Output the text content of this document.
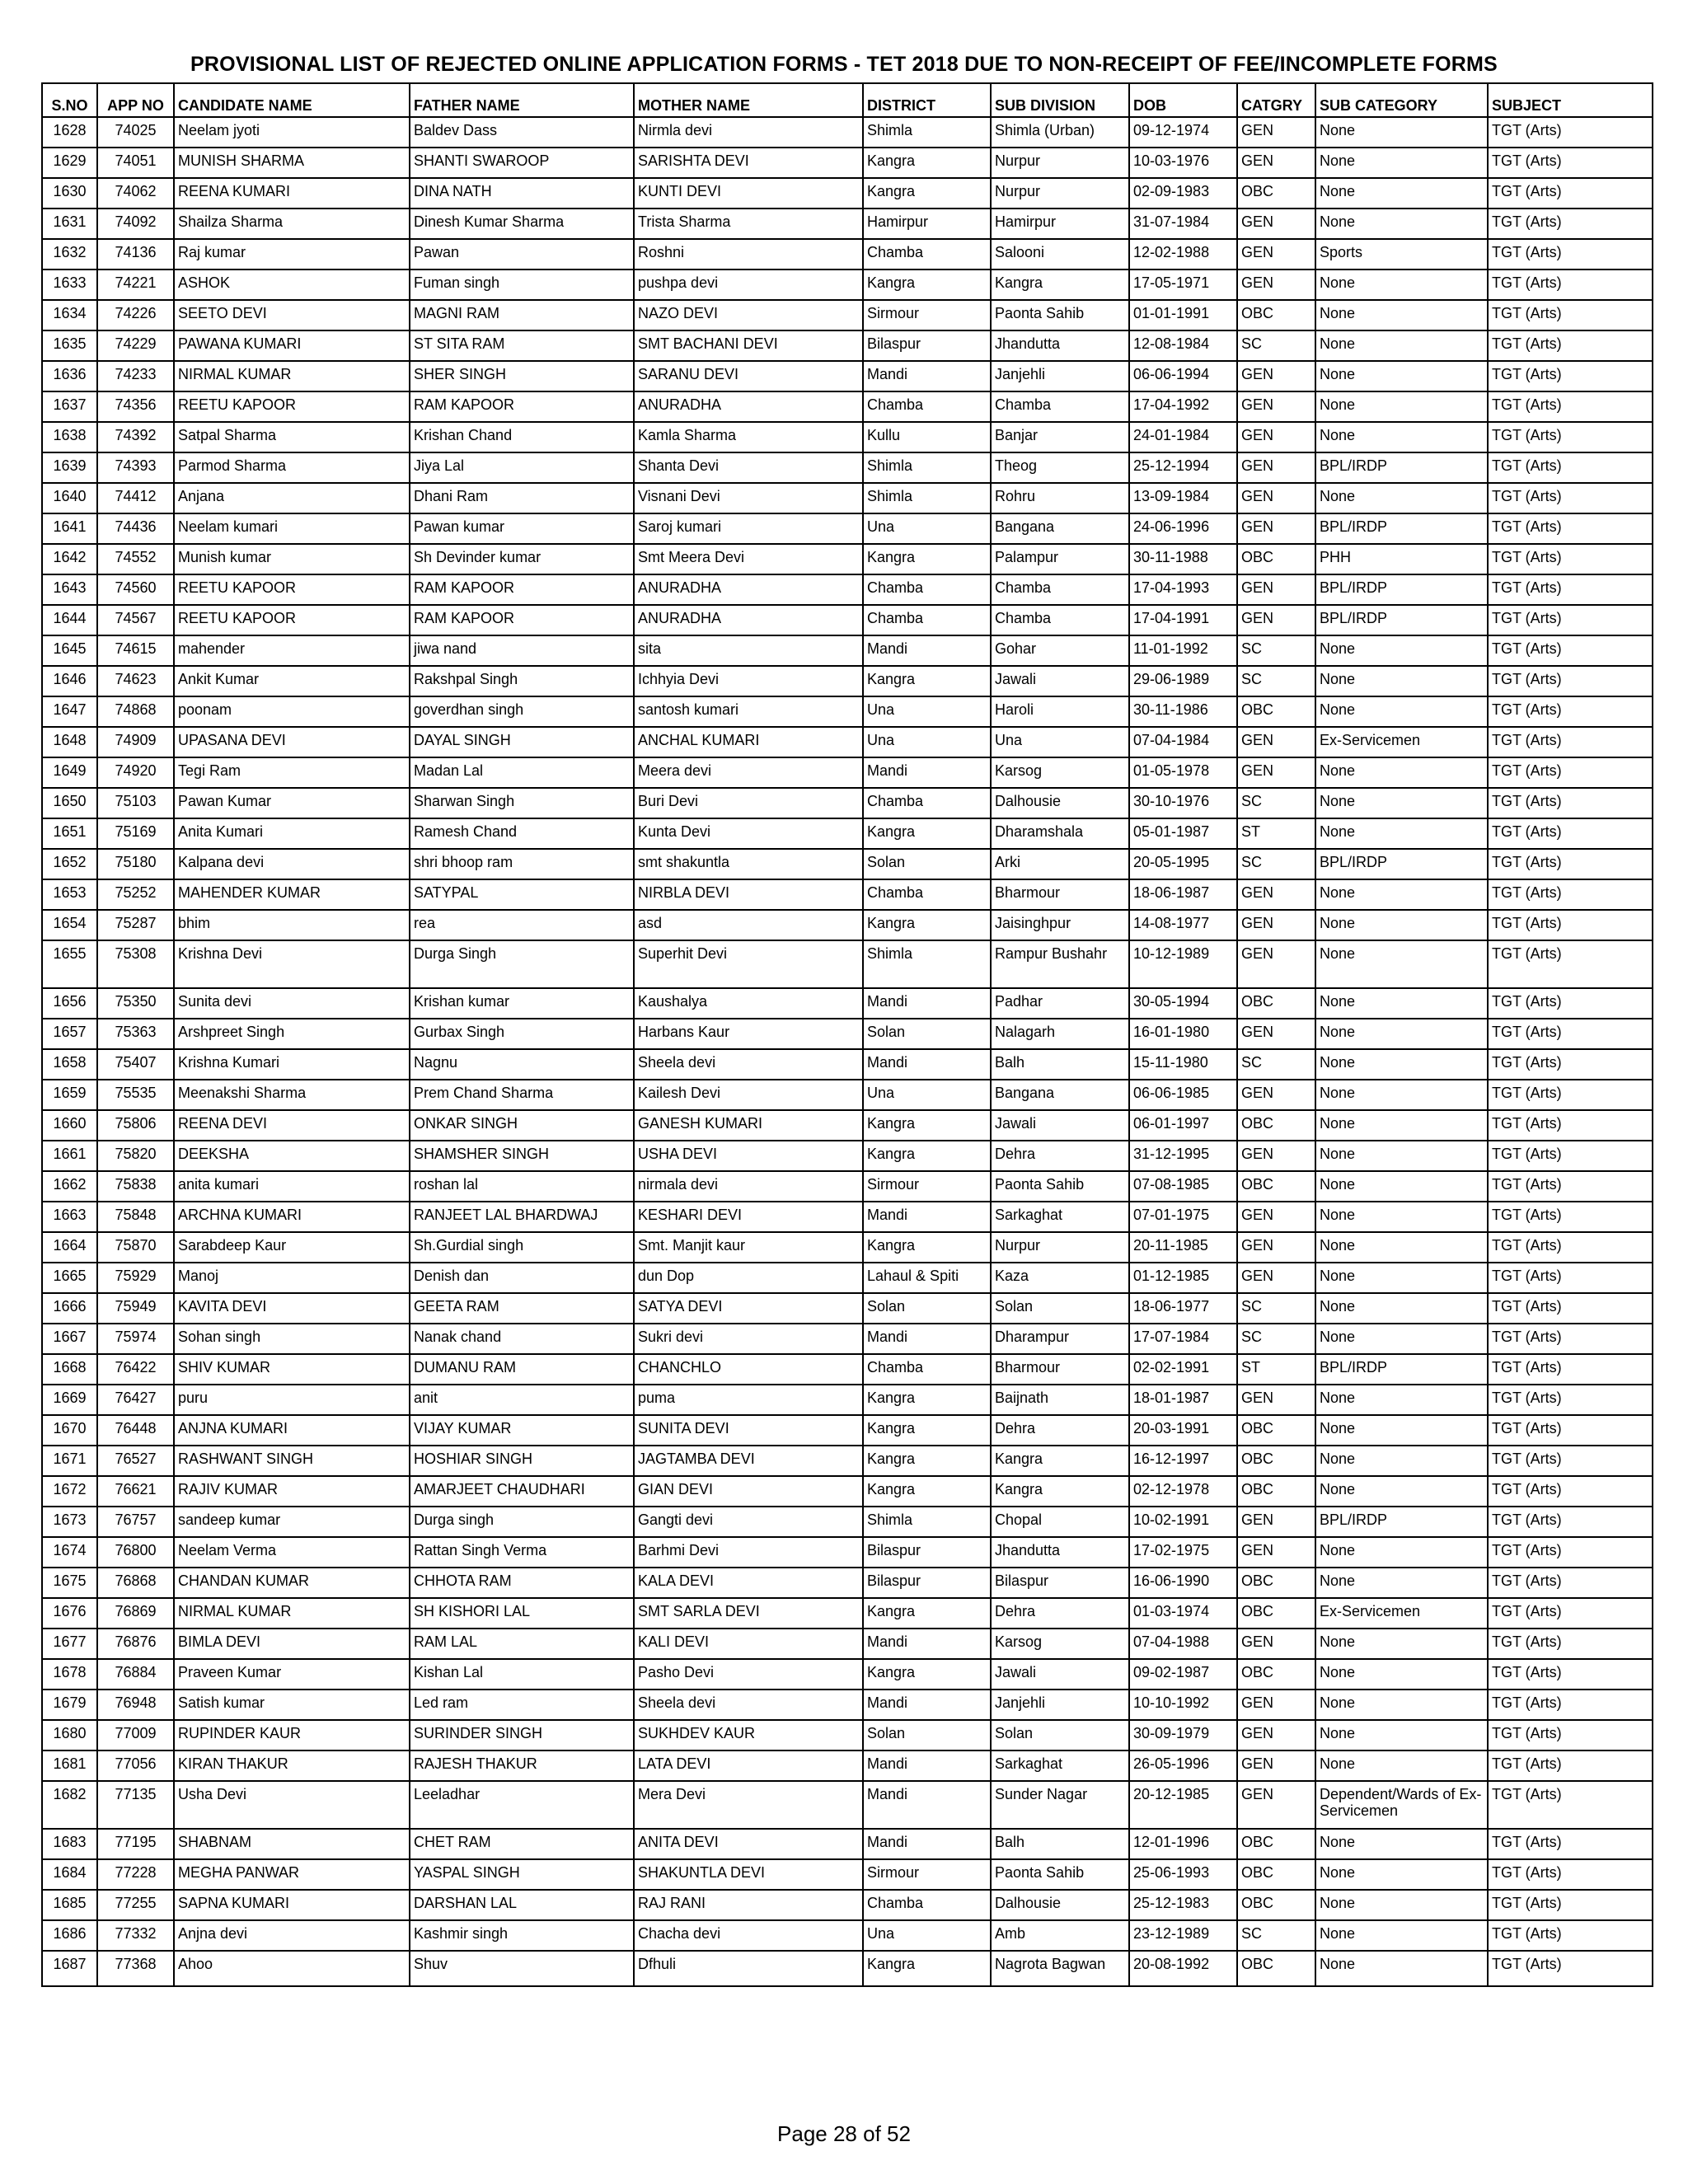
PROVISIONAL LIST OF REJECTED ONLINE APPLICATION FORMS - TET 2018 DUE TO NON-RECEIPT OF FEE/INCOMPLETE FORMS
S.NO	APP NO	CANDIDATE NAME	FATHER NAME	MOTHER NAME	DISTRICT	SUB DIVISION	DOB	CATGRY	SUB CATEGORY	SUBJECT
1628	74025	Neelam jyoti	Baldev Dass	Nirmla devi	Shimla	Shimla (Urban)	09-12-1974	GEN	None	TGT (Arts)
1629	74051	MUNISH SHARMA	SHANTI SWAROOP	SARISHTA DEVI	Kangra	Nurpur	10-03-1976	GEN	None	TGT (Arts)
1630	74062	REENA KUMARI	DINA NATH	KUNTI DEVI	Kangra	Nurpur	02-09-1983	OBC	None	TGT (Arts)
1631	74092	Shailza Sharma	Dinesh Kumar Sharma	Trista Sharma	Hamirpur	Hamirpur	31-07-1984	GEN	None	TGT (Arts)
1632	74136	Raj kumar	Pawan	Roshni	Chamba	Salooni	12-02-1988	GEN	Sports	TGT (Arts)
1633	74221	ASHOK	Fuman singh	pushpa devi	Kangra	Kangra	17-05-1971	GEN	None	TGT (Arts)
1634	74226	SEETO DEVI	MAGNI RAM	NAZO DEVI	Sirmour	Paonta Sahib	01-01-1991	OBC	None	TGT (Arts)
1635	74229	PAWANA KUMARI	ST SITA RAM	SMT BACHANI DEVI	Bilaspur	Jhandutta	12-08-1984	SC	None	TGT (Arts)
1636	74233	NIRMAL KUMAR	SHER SINGH	SARANU DEVI	Mandi	Janjehli	06-06-1994	GEN	None	TGT (Arts)
1637	74356	REETU KAPOOR	RAM KAPOOR	ANURADHA	Chamba	Chamba	17-04-1992	GEN	None	TGT (Arts)
1638	74392	Satpal Sharma	Krishan Chand	Kamla Sharma	Kullu	Banjar	24-01-1984	GEN	None	TGT (Arts)
1639	74393	Parmod Sharma	Jiya Lal	Shanta Devi	Shimla	Theog	25-12-1994	GEN	BPL/IRDP	TGT (Arts)
1640	74412	Anjana	Dhani Ram	Visnani Devi	Shimla	Rohru	13-09-1984	GEN	None	TGT (Arts)
1641	74436	Neelam kumari	Pawan kumar	Saroj kumari	Una	Bangana	24-06-1996	GEN	BPL/IRDP	TGT (Arts)
1642	74552	Munish kumar	Sh Devinder kumar	Smt Meera Devi	Kangra	Palampur	30-11-1988	OBC	PHH	TGT (Arts)
1643	74560	REETU KAPOOR	RAM KAPOOR	ANURADHA	Chamba	Chamba	17-04-1993	GEN	BPL/IRDP	TGT (Arts)
1644	74567	REETU KAPOOR	RAM KAPOOR	ANURADHA	Chamba	Chamba	17-04-1991	GEN	BPL/IRDP	TGT (Arts)
1645	74615	mahender	jiwa nand	sita	Mandi	Gohar	11-01-1992	SC	None	TGT (Arts)
1646	74623	Ankit Kumar	Rakshpal Singh	Ichhyia Devi	Kangra	Jawali	29-06-1989	SC	None	TGT (Arts)
1647	74868	poonam	goverdhan singh	santosh kumari	Una	Haroli	30-11-1986	OBC	None	TGT (Arts)
1648	74909	UPASANA DEVI	DAYAL SINGH	ANCHAL KUMARI	Una	Una	07-04-1984	GEN	Ex-Servicemen	TGT (Arts)
1649	74920	Tegi Ram	Madan Lal	Meera devi	Mandi	Karsog	01-05-1978	GEN	None	TGT (Arts)
1650	75103	Pawan Kumar	Sharwan Singh	Buri Devi	Chamba	Dalhousie	30-10-1976	SC	None	TGT (Arts)
1651	75169	Anita Kumari	Ramesh Chand	Kunta Devi	Kangra	Dharamshala	05-01-1987	ST	None	TGT (Arts)
1652	75180	Kalpana devi	shri bhoop ram	smt shakuntla	Solan	Arki	20-05-1995	SC	BPL/IRDP	TGT (Arts)
1653	75252	MAHENDER KUMAR	SATYPAL	NIRBLA DEVI	Chamba	Bharmour	18-06-1987	GEN	None	TGT (Arts)
1654	75287	bhim	rea	asd	Kangra	Jaisinghpur	14-08-1977	GEN	None	TGT (Arts)
1655	75308	Krishna Devi	Durga Singh	Superhit Devi	Shimla	Rampur Bushahr	10-12-1989	GEN	None	TGT (Arts)
1656	75350	Sunita devi	Krishan kumar	Kaushalya	Mandi	Padhar	30-05-1994	OBC	None	TGT (Arts)
1657	75363	Arshpreet Singh	Gurbax Singh	Harbans Kaur	Solan	Nalagarh	16-01-1980	GEN	None	TGT (Arts)
1658	75407	Krishna Kumari	Nagnu	Sheela devi	Mandi	Balh	15-11-1980	SC	None	TGT (Arts)
1659	75535	Meenakshi Sharma	Prem Chand Sharma	Kailesh Devi	Una	Bangana	06-06-1985	GEN	None	TGT (Arts)
1660	75806	REENA DEVI	ONKAR SINGH	GANESH KUMARI	Kangra	Jawali	06-01-1997	OBC	None	TGT (Arts)
1661	75820	DEEKSHA	SHAMSHER SINGH	USHA DEVI	Kangra	Dehra	31-12-1995	GEN	None	TGT (Arts)
1662	75838	anita kumari	roshan lal	nirmala devi	Sirmour	Paonta Sahib	07-08-1985	OBC	None	TGT (Arts)
1663	75848	ARCHNA KUMARI	RANJEET LAL BHARDWAJ	KESHARI DEVI	Mandi	Sarkaghat	07-01-1975	GEN	None	TGT (Arts)
1664	75870	Sarabdeep Kaur	Sh.Gurdial singh	Smt. Manjit kaur	Kangra	Nurpur	20-11-1985	GEN	None	TGT (Arts)
1665	75929	Manoj	Denish dan	dun Dop	Lahaul & Spiti	Kaza	01-12-1985	GEN	None	TGT (Arts)
1666	75949	KAVITA DEVI	GEETA RAM	SATYA DEVI	Solan	Solan	18-06-1977	SC	None	TGT (Arts)
1667	75974	Sohan singh	Nanak chand	Sukri devi	Mandi	Dharampur	17-07-1984	SC	None	TGT (Arts)
1668	76422	SHIV KUMAR	DUMANU RAM	CHANCHLO	Chamba	Bharmour	02-02-1991	ST	BPL/IRDP	TGT (Arts)
1669	76427	puru	anit	puma	Kangra	Baijnath	18-01-1987	GEN	None	TGT (Arts)
1670	76448	ANJNA KUMARI	VIJAY KUMAR	SUNITA DEVI	Kangra	Dehra	20-03-1991	OBC	None	TGT (Arts)
1671	76527	RASHWANT SINGH	HOSHIAR SINGH	JAGTAMBA DEVI	Kangra	Kangra	16-12-1997	OBC	None	TGT (Arts)
1672	76621	RAJIV KUMAR	AMARJEET CHAUDHARI	GIAN DEVI	Kangra	Kangra	02-12-1978	OBC	None	TGT (Arts)
1673	76757	sandeep kumar	Durga singh	Gangti devi	Shimla	Chopal	10-02-1991	GEN	BPL/IRDP	TGT (Arts)
1674	76800	Neelam Verma	Rattan Singh Verma	Barhmi Devi	Bilaspur	Jhandutta	17-02-1975	GEN	None	TGT (Arts)
1675	76868	CHANDAN KUMAR	CHHOTA RAM	KALA DEVI	Bilaspur	Bilaspur	16-06-1990	OBC	None	TGT (Arts)
1676	76869	NIRMAL KUMAR	SH KISHORI LAL	SMT SARLA DEVI	Kangra	Dehra	01-03-1974	OBC	Ex-Servicemen	TGT (Arts)
1677	76876	BIMLA DEVI	RAM LAL	KALI DEVI	Mandi	Karsog	07-04-1988	GEN	None	TGT (Arts)
1678	76884	Praveen Kumar	Kishan Lal	Pasho Devi	Kangra	Jawali	09-02-1987	OBC	None	TGT (Arts)
1679	76948	Satish kumar	Led ram	Sheela devi	Mandi	Janjehli	10-10-1992	GEN	None	TGT (Arts)
1680	77009	RUPINDER KAUR	SURINDER SINGH	SUKHDEV KAUR	Solan	Solan	30-09-1979	GEN	None	TGT (Arts)
1681	77056	KIRAN THAKUR	RAJESH THAKUR	LATA DEVI	Mandi	Sarkaghat	26-05-1996	GEN	None	TGT (Arts)
1682	77135	Usha Devi	Leeladhar	Mera Devi	Mandi	Sunder Nagar	20-12-1985	GEN	Dependent/Wards of Ex-Servicemen	TGT (Arts)
1683	77195	SHABNAM	CHET RAM	ANITA DEVI	Mandi	Balh	12-01-1996	OBC	None	TGT (Arts)
1684	77228	MEGHA PANWAR	YASPAL SINGH	SHAKUNTLA DEVI	Sirmour	Paonta Sahib	25-06-1993	OBC	None	TGT (Arts)
1685	77255	SAPNA KUMARI	DARSHAN LAL	RAJ RANI	Chamba	Dalhousie	25-12-1983	OBC	None	TGT (Arts)
1686	77332	Anjna devi	Kashmir singh	Chacha devi	Una	Amb	23-12-1989	SC	None	TGT (Arts)
1687	77368	Ahoo	Shuv	Dfhuli	Kangra	Nagrota Bagwan	20-08-1992	OBC	None	TGT (Arts)
Page 28 of 52
